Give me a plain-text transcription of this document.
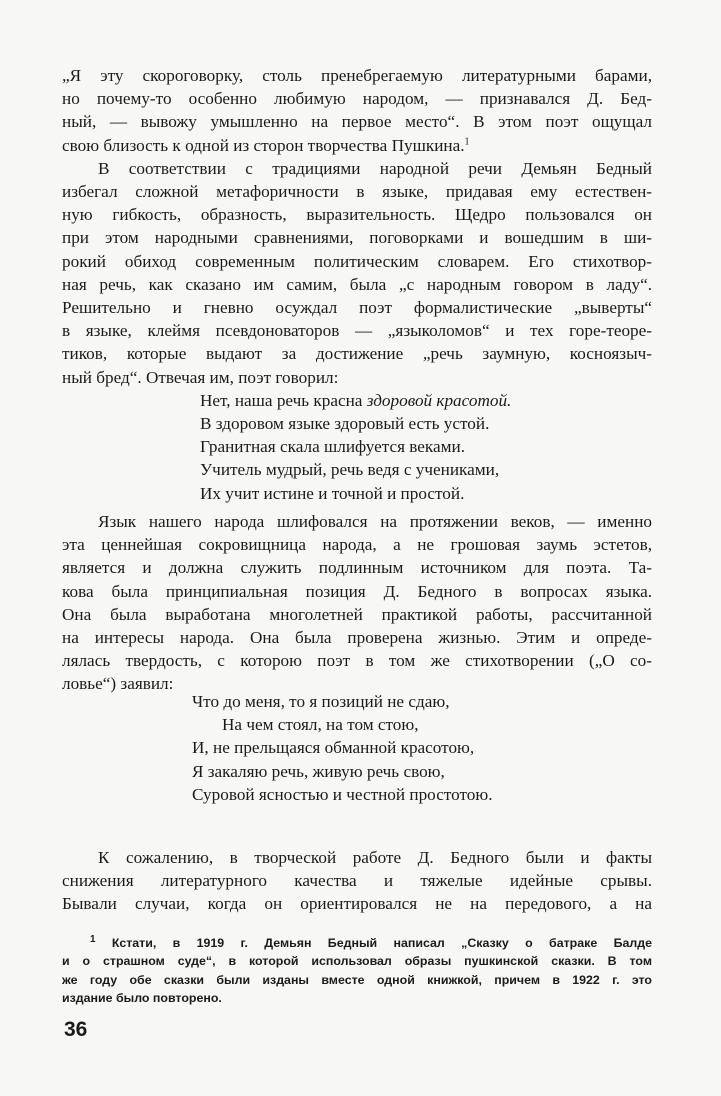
„Я эту скороговорку, столь пренебрегаемую литературными барами,

но почему-то особенно любимую народом, — признавался Д. Бед-

ный, — вывожу умышленно на первое место“. В этом поэт ощущал

свою близость к одной из сторон творчества Пушкина.$^1$

В соответствии с традициями народной речи Демьян Бедный

избегал сложной метафоричности в языке, придавая ему естествен-

ную гибкость, образность, выразительность. Щедро пользовался он

при этом народными сравнениями, поговорками и вошедшим в ши-

рокий обиход современным политическим словарем. Его стихотвор-

ная речь, как сказано им самим, была „с народным говором в ладу“.

Решительно и гневно осуждал поэт формалистические „выверты“

в языке, клеймя псевдоноваторов — „языколомов“ и тех горе-теоре-

тиков, которые выдают за достижение „речь заумную, косноязыч-

ный бред“. Отвечая им, поэт говорил:

Нет, наша речь красна здоровой красотой.
В здоровом языке здоровый есть устой.
Гранитная скала шлифуется веками.
Учитель мудрый, речь ведя с учениками,
Их учит истине и точной и простой.

Язык нашего народа шлифовался на протяжении веков, — именно

эта ценнейшая сокровищница народа, а не грошовая заумь эстетов,

является и должна служить подлинным источником для поэта. Та-

кова была принципиальная позиция Д. Бедного в вопросах языка.

Она была выработана многолетней практикой работы, рассчитанной

на интересы народа. Она была проверена жизнью. Этим и опреде-

лялась твердость, с которою поэт в том же стихотворении („О со-

ловье“) заявил:

Что до меня, то я позиций не сдаю,
На чем стоял, на том стою,
И, не прельщаяся обманной красотою,
Я закаляю речь, живую речь свою,
Суровой ясностью и честной простотою.

К сожалению, в творческой работе Д. Бедного были и факты

снижения литературного качества и тяжелые идейные срывы.

Бывали случаи, когда он ориентировался не на передового, а на

$^1$ Кстати, в 1919 г. Демьян Бедный написал „Сказку о батраке Балде

и о страшном суде“, в которой использовал образы пушкинской сказки. В том

же году обе сказки были изданы вместе одной книжкой, причем в 1922 г. это

издание было повторено.

36
